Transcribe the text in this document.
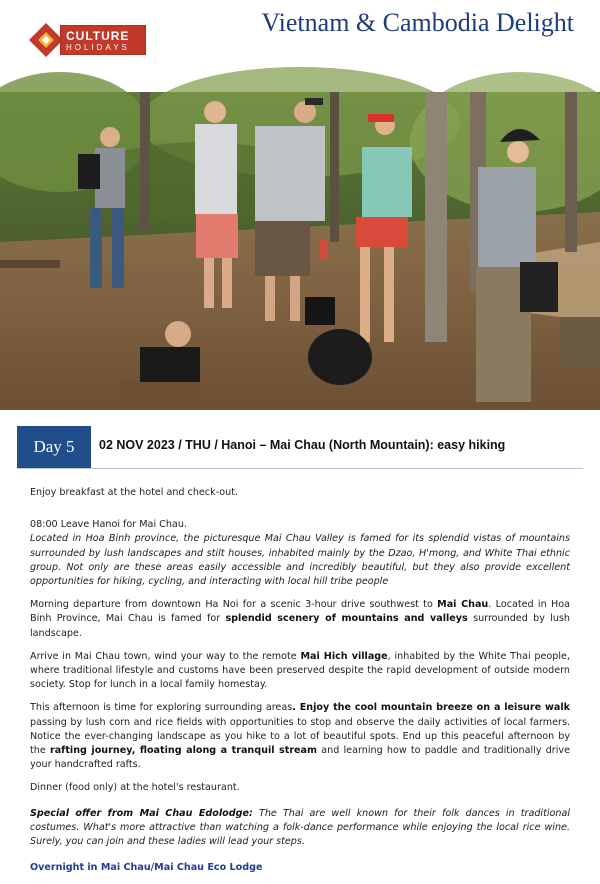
CULTURE
HOLIDAYS
Vietnam & Cambodia Delight
Day 5	02 NOV 2023 / THU / Hanoi – Mai Chau (North Mountain): easy hiking

Enjoy breakfast at the hotel and check-out.

08:00 Leave Hanoi for Mai Chau.

Located in Hoa Binh province, the picturesque Mai Chau Valley is famed for its splendid vistas of mountains surrounded by lush landscapes and stilt houses, inhabited mainly by the Dzao, H'mong, and White Thai ethnic group. Not only are these areas easily accessible and incredibly beautiful, but they also provide excellent opportunities for hiking, cycling, and interacting with local hill tribe people

Morning departure from downtown Ha Noi for a scenic 3-hour drive southwest to Mai Chau. Located in Hoa Binh Province, Mai Chau is famed for splendid scenery of mountains and valleys surrounded by lush landscape.

Arrive in Mai Chau town, wind your way to the remote Mai Hich village, inhabited by the White Thai people, where traditional lifestyle and customs have been preserved despite the rapid development of outside modern society. Stop for lunch in a local family homestay.

This afternoon is time for exploring surrounding areas. Enjoy the cool mountain breeze on a leisure walk passing by lush corn and rice fields with opportunities to stop and observe the daily activities of local farmers. Notice the ever-changing landscape as you hike to a lot of beautiful spots. End up this peaceful afternoon by the rafting journey, floating along a tranquil stream and learning how to paddle and traditionally drive your handcrafted rafts.

Dinner (food only) at the hotel's restaurant.

Special offer from Mai Chau Edolodge: The Thai are well known for their folk dances in traditional costumes. What's more attractive than watching a folk-dance performance while enjoying the local rice wine. Surely, you can join and these ladies will lead your steps.

Overnight in Mai Chau/Mai Chau Eco Lodge
